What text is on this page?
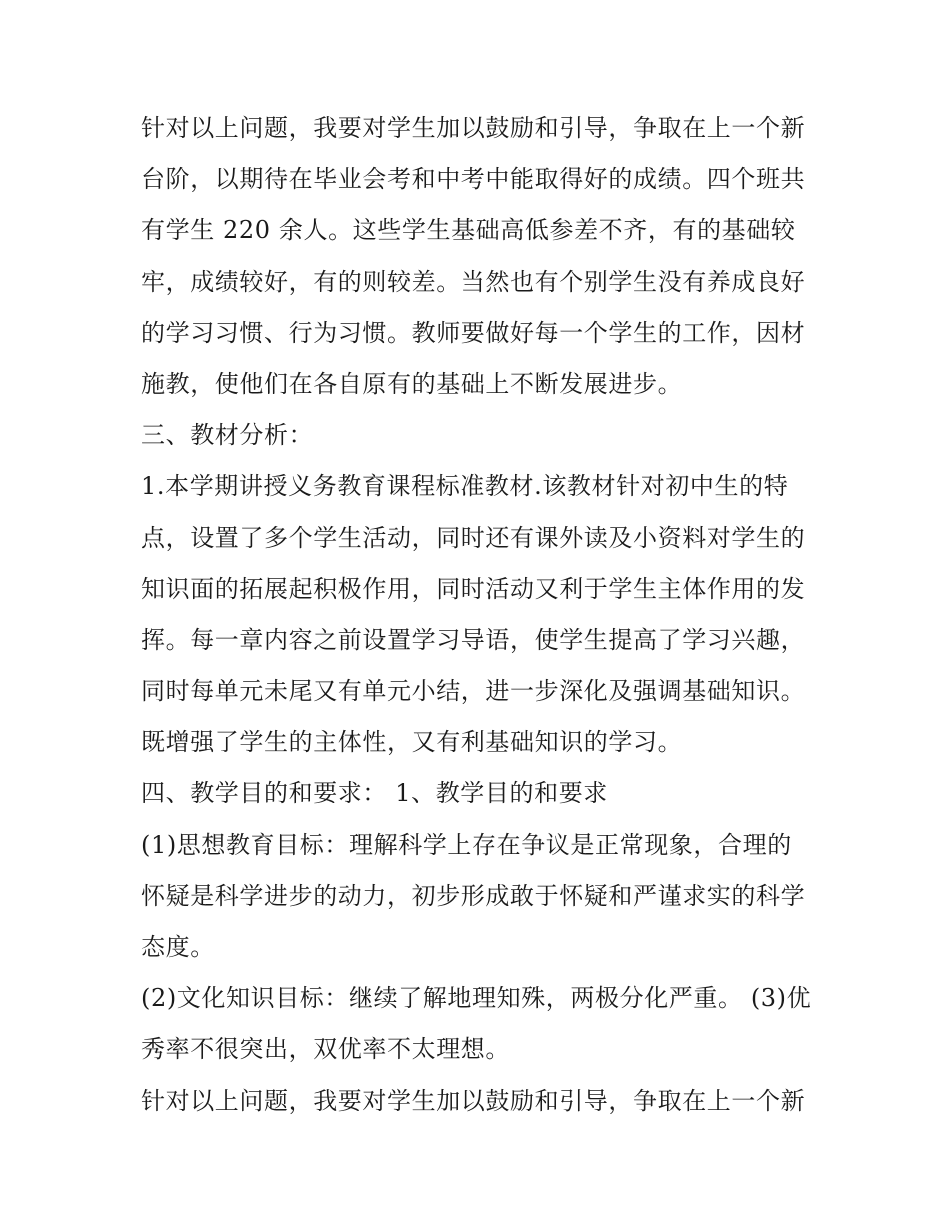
针对以上问题，我要对学生加以鼓励和引导，争取在上一个新
台阶，以期待在毕业会考和中考中能取得好的成绩。四个班共
有学生 220 余人。这些学生基础高低参差不齐，有的基础较
牢，成绩较好，有的则较差。当然也有个别学生没有养成良好
的学习习惯、行为习惯。教师要做好每一个学生的工作，因材
施教，使他们在各自原有的基础上不断发展进步。
三、教材分析：
1.本学期讲授义务教育课程标准教材.该教材针对初中生的特
点，设置了多个学生活动，同时还有课外读及小资料对学生的
知识面的拓展起积极作用，同时活动又利于学生主体作用的发
挥。每一章内容之前设置学习导语，使学生提高了学习兴趣，
同时每单元未尾又有单元小结，进一步深化及强调基础知识。
既增强了学生的主体性，又有利基础知识的学习。
四、教学目的和要求： 1、教学目的和要求
(1)思想教育目标：理解科学上存在争议是正常现象，合理的
怀疑是科学进步的动力，初步形成敢于怀疑和严谨求实的科学
态度。
(2)文化知识目标：继续了解地理知殊，两极分化严重。 (3)优
秀率不很突出，双优率不太理想。
针对以上问题，我要对学生加以鼓励和引导，争取在上一个新
